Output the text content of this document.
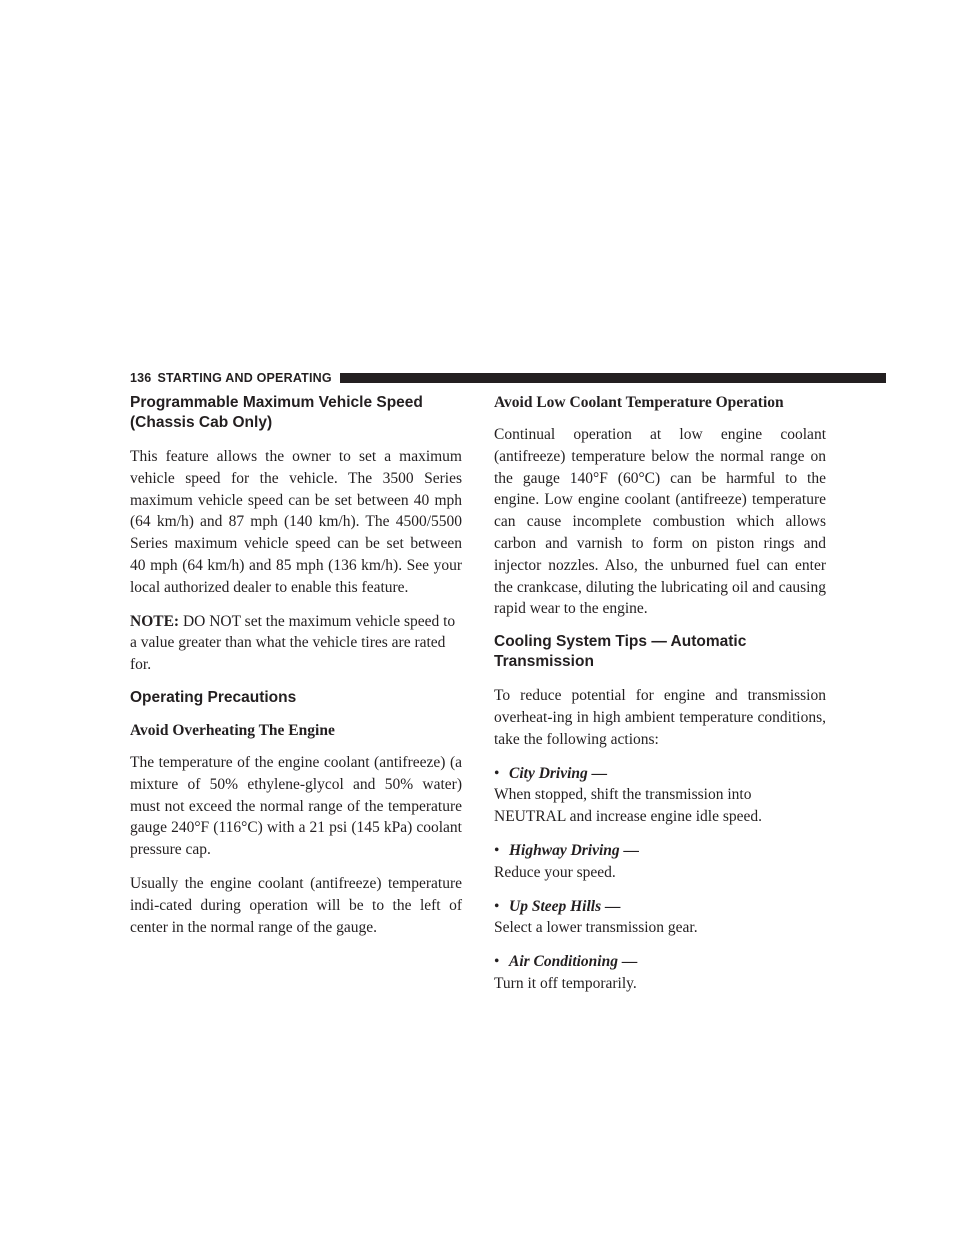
136 STARTING AND OPERATING
Programmable Maximum Vehicle Speed (Chassis Cab Only)

This feature allows the owner to set a maximum vehicle speed for the vehicle. The 3500 Series maximum vehicle speed can be set between 40 mph (64 km/h) and 87 mph (140 km/h). The 4500/5500 Series maximum vehicle speed can be set between 40 mph (64 km/h) and 85 mph (136 km/h). See your local authorized dealer to enable this feature.

NOTE: DO NOT set the maximum vehicle speed to a value greater than what the vehicle tires are rated for.

Operating Precautions
Avoid Overheating The Engine

The temperature of the engine coolant (antifreeze) (a mixture of 50% ethylene-glycol and 50% water) must not exceed the normal range of the temperature gauge 240°F (116°C) with a 21 psi (145 kPa) coolant pressure cap.

Usually the engine coolant (antifreeze) temperature indi-cated during operation will be to the left of center in the normal range of the gauge.

Avoid Low Coolant Temperature Operation

Continual operation at low engine coolant (antifreeze) temperature below the normal range on the gauge 140°F (60°C) can be harmful to the engine. Low engine coolant (antifreeze) temperature can cause incomplete combustion which allows carbon and varnish to form on piston rings and injector nozzles. Also, the unburned fuel can enter the crankcase, diluting the lubricating oil and causing rapid wear to the engine.

Cooling System Tips — Automatic Transmission

To reduce potential for engine and transmission overheat-ing in high ambient temperature conditions, take the following actions:

• City Driving —

When stopped, shift the transmission into NEUTRAL and increase engine idle speed.

• Highway Driving —

Reduce your speed.

• Up Steep Hills —

Select a lower transmission gear.

• Air Conditioning —

Turn it off temporarily.
